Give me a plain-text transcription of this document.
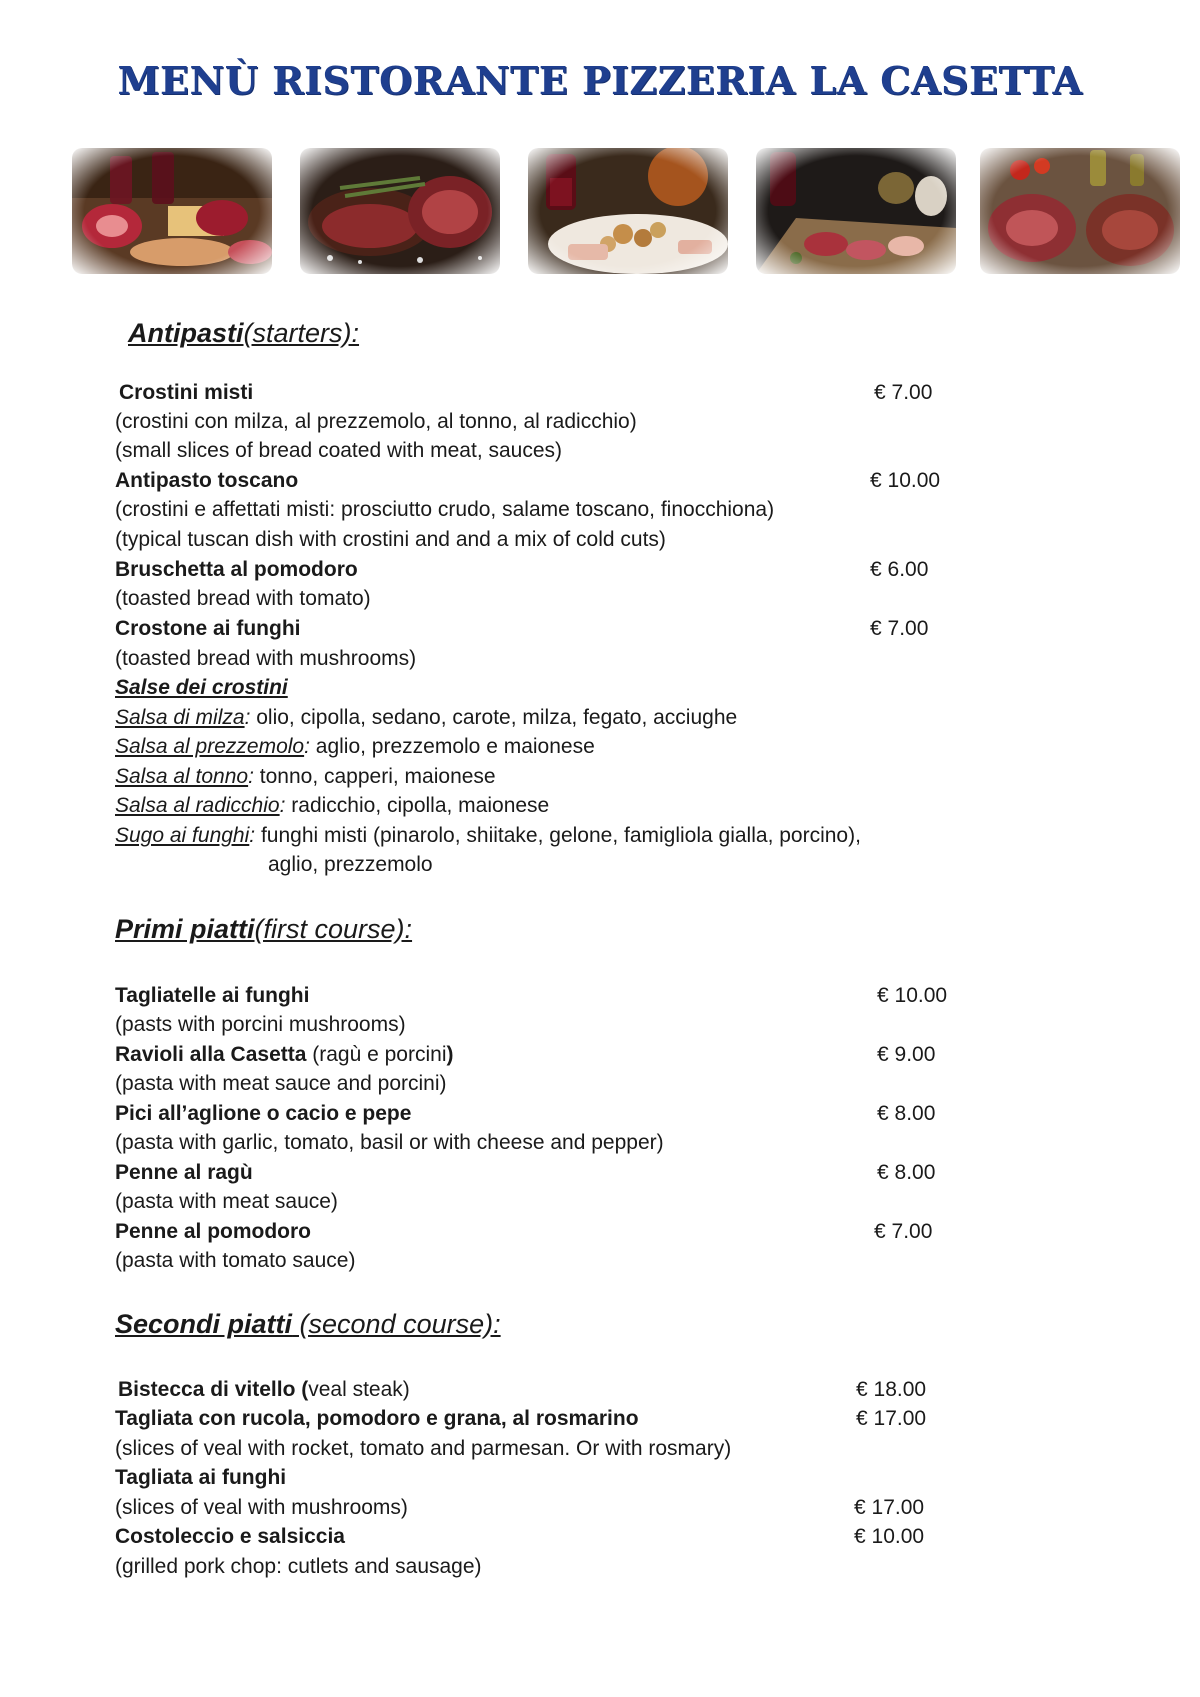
MENÙ RISTORANTE PIZZERIA LA CASETTA
Antipasti(starters):
Crostini misti	€ 7.00
(crostini con milza, al prezzemolo, al tonno, al radicchio)
(small slices of bread coated with meat, sauces)
Antipasto toscano	€ 10.00
(crostini e affettati misti: prosciutto crudo, salame toscano, finocchiona)
(typical tuscan dish with crostini and and a mix of cold cuts)
Bruschetta al pomodoro	€ 6.00
(toasted bread with tomato)
Crostone ai funghi	€ 7.00
(toasted bread with mushrooms)
Salse dei crostini
Salsa di milza: olio, cipolla, sedano, carote, milza, fegato, acciughe
Salsa al prezzemolo: aglio, prezzemolo e maionese
Salsa al tonno: tonno, capperi, maionese
Salsa al radicchio: radicchio, cipolla, maionese
Sugo ai funghi: funghi misti (pinarolo, shiitake, gelone, famigliola gialla, porcino),
aglio, prezzemolo
Primi piatti(first course):
Tagliatelle ai funghi	€ 10.00
(pasts with porcini mushrooms)
Ravioli alla Casetta (ragù e porcini)	€ 9.00
(pasta with meat sauce and porcini)
Pici all’aglione o cacio e pepe	€ 8.00
(pasta with garlic, tomato, basil or with cheese and pepper)
Penne al ragù	€ 8.00
(pasta with meat sauce)
Penne al pomodoro	€ 7.00
(pasta with tomato sauce)
Secondi piatti (second course):
Bistecca di vitello (veal steak)	€ 18.00
Tagliata con rucola, pomodoro e grana, al rosmarino	€ 17.00
(slices of veal with rocket, tomato and parmesan. Or with rosmary)
Tagliata ai funghi
(slices of veal with mushrooms)	€ 17.00
Costoleccio e salsiccia	€ 10.00
(grilled pork chop: cutlets and sausage)
